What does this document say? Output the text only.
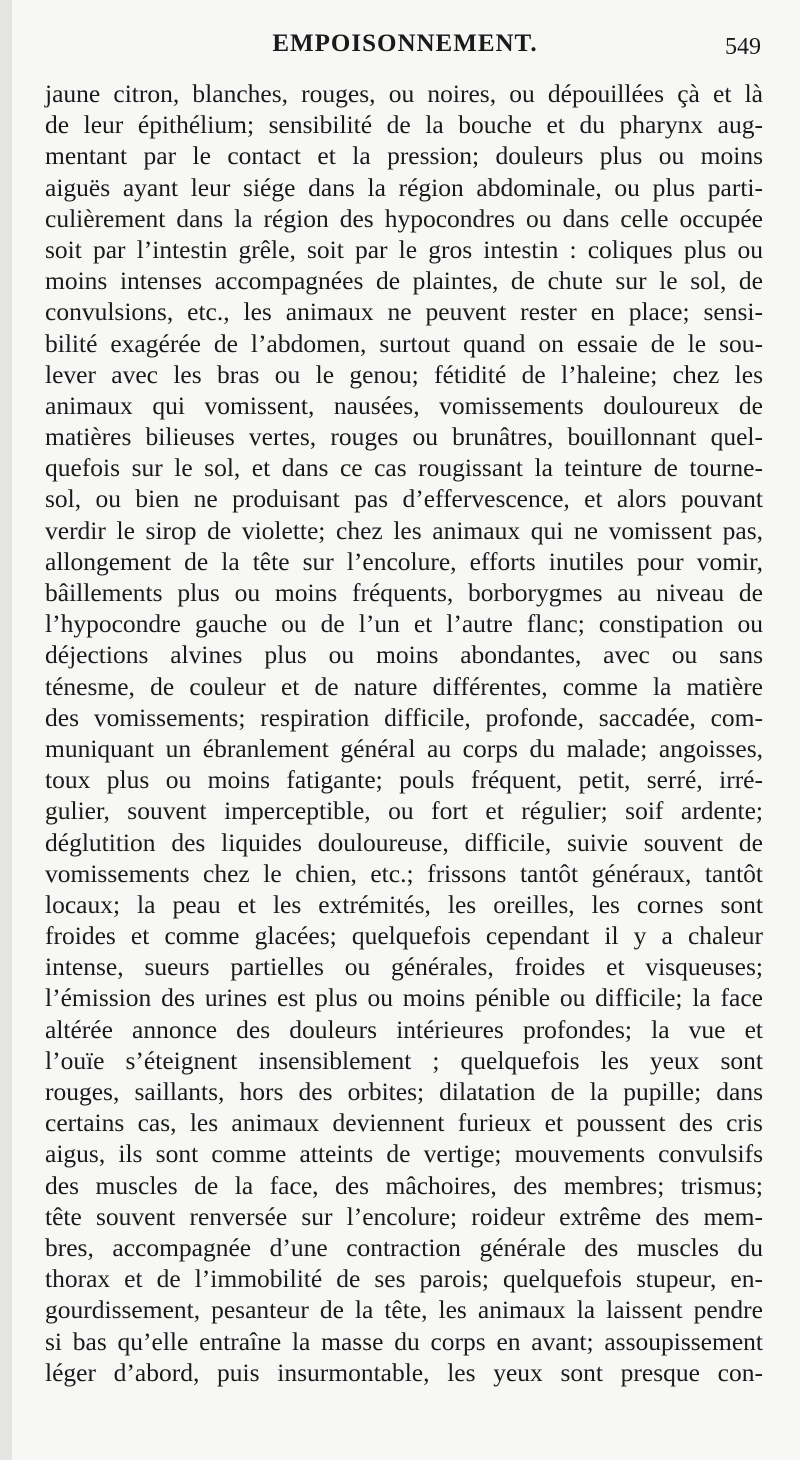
EMPOISONNEMENT.	549
jaune citron, blanches, rouges, ou noires, ou dépouillées çà et là
de leur épithélium; sensibilité de la bouche et du pharynx aug-
mentant par le contact et la pression; douleurs plus ou moins
aiguës ayant leur siége dans la région abdominale, ou plus parti-
culièrement dans la région des hypocondres ou dans celle occupée
soit par l’intestin grêle, soit par le gros intestin : coliques plus ou
moins intenses accompagnées de plaintes, de chute sur le sol, de
convulsions, etc., les animaux ne peuvent rester en place; sensi-
bilité exagérée de l’abdomen, surtout quand on essaie de le sou-
lever avec les bras ou le genou; fétidité de l’haleine; chez les
animaux qui vomissent, nausées, vomissements douloureux de
matières bilieuses vertes, rouges ou brunâtres, bouillonnant quel-
quefois sur le sol, et dans ce cas rougissant la teinture de tourne-
sol, ou bien ne produisant pas d’effervescence, et alors pouvant
verdir le sirop de violette; chez les animaux qui ne vomissent pas,
allongement de la tête sur l’encolure, efforts inutiles pour vomir,
bâillements plus ou moins fréquents, borborygmes au niveau de
l’hypocondre gauche ou de l’un et l’autre flanc; constipation ou
déjections alvines plus ou moins abondantes, avec ou sans
ténesme, de couleur et de nature différentes, comme la matière
des vomissements; respiration difficile, profonde, saccadée, com-
muniquant un ébranlement général au corps du malade; angoisses,
toux plus ou moins fatigante; pouls fréquent, petit, serré, irré-
gulier, souvent imperceptible, ou fort et régulier; soif ardente;
déglutition des liquides douloureuse, difficile, suivie souvent de
vomissements chez le chien, etc.; frissons tantôt généraux, tantôt
locaux; la peau et les extrémités, les oreilles, les cornes sont
froides et comme glacées; quelquefois cependant il y a chaleur
intense, sueurs partielles ou générales, froides et visqueuses;
l’émission des urines est plus ou moins pénible ou difficile; la face
altérée annonce des douleurs intérieures profondes; la vue et
l’ouïe s’éteignent insensiblement ; quelquefois les yeux sont
rouges, saillants, hors des orbites; dilatation de la pupille; dans
certains cas, les animaux deviennent furieux et poussent des cris
aigus, ils sont comme atteints de vertige; mouvements convulsifs
des muscles de la face, des mâchoires, des membres; trismus;
tête souvent renversée sur l’encolure; roideur extrême des mem-
bres, accompagnée d’une contraction générale des muscles du
thorax et de l’immobilité de ses parois; quelquefois stupeur, en-
gourdissement, pesanteur de la tête, les animaux la laissent pendre
si bas qu’elle entraîne la masse du corps en avant; assoupissement
léger d’abord, puis insurmontable, les yeux sont presque con-
